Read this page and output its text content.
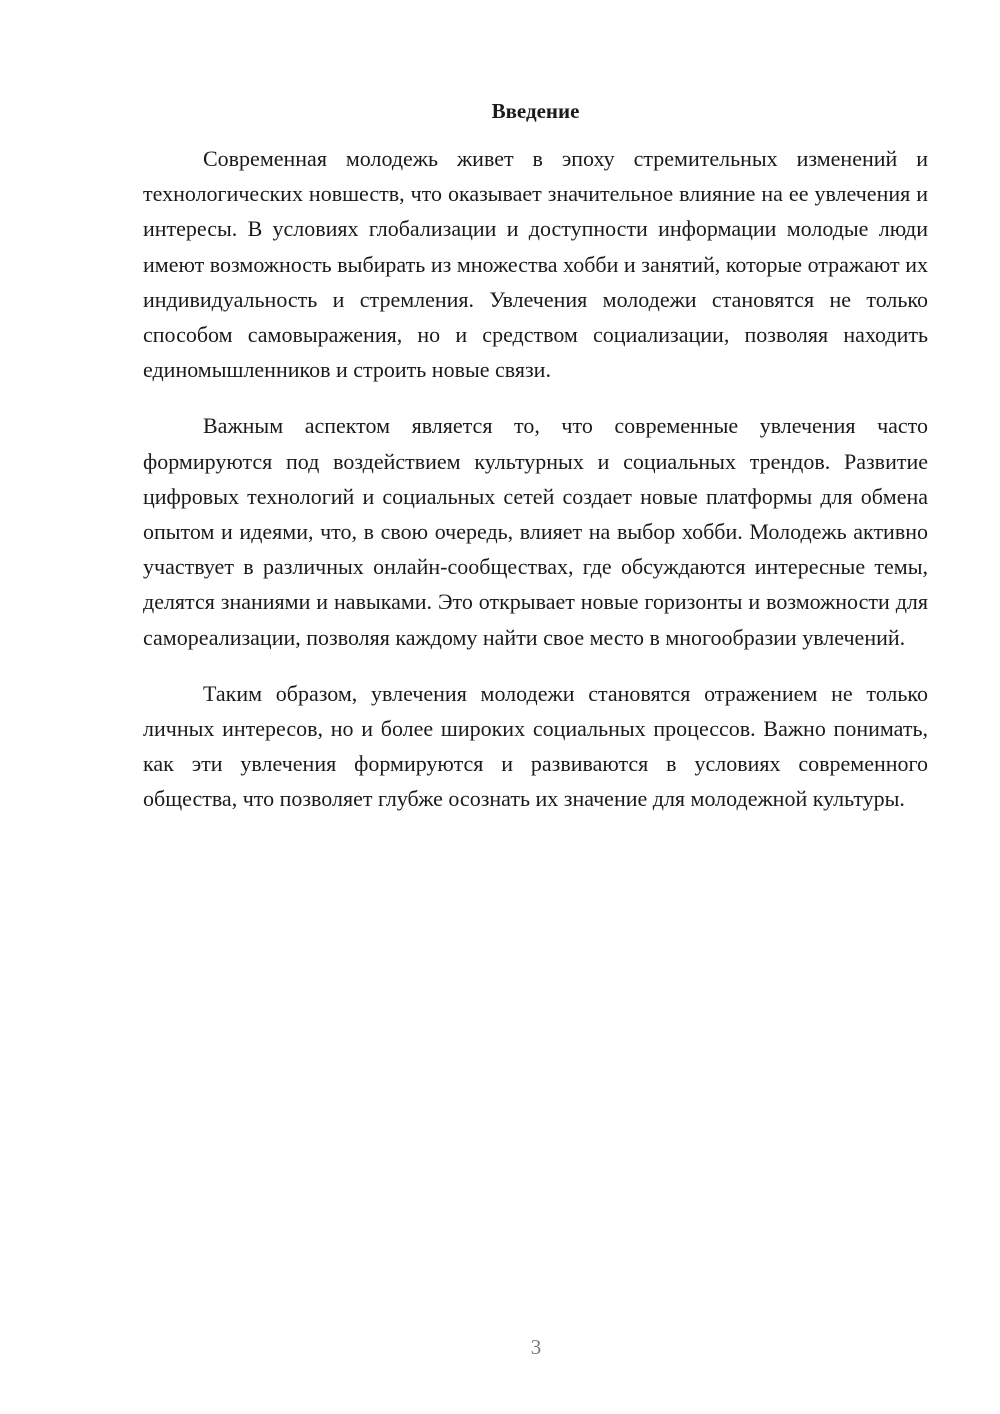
Введение

Современная молодежь живет в эпоху стремительных изменений и технологических новшеств, что оказывает значительное влияние на ее увлечения и интересы. В условиях глобализации и доступности информации молодые люди имеют возможность выбирать из множества хобби и занятий, которые отражают их индивидуальность и стремления. Увлечения молодежи становятся не только способом самовыражения, но и средством социализации, позволяя находить единомышленников и строить новые связи.

Важным аспектом является то, что современные увлечения часто формируются под воздействием культурных и социальных трендов. Развитие цифровых технологий и социальных сетей создает новые платформы для обмена опытом и идеями, что, в свою очередь, влияет на выбор хобби. Молодежь активно участвует в различных онлайн-сообществах, где обсуждаются интересные темы, делятся знаниями и навыками. Это открывает новые горизонты и возможности для самореализации, позволяя каждому найти свое место в многообразии увлечений.

Таким образом, увлечения молодежи становятся отражением не только личных интересов, но и более широких социальных процессов. Важно понимать, как эти увлечения формируются и развиваются в условиях современного общества, что позволяет глубже осознать их значение для молодежной культуры.

3
